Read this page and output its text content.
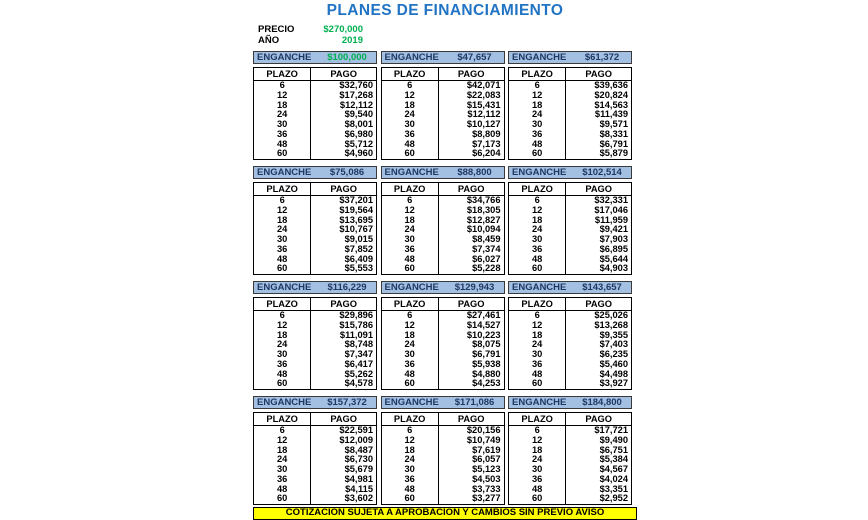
PLANES DE FINANCIAMIENTO
PRECIO	$270,000
AÑO	2019
ENGANCHE	$100,000
PLAZO	PAGO
6	$32,760
12	$17,268
18	$12,112
24	$9,540
30	$8,001
36	$6,980
48	$5,712
60	$4,960
ENGANCHE	$47,657
PLAZO	PAGO
6	$42,071
12	$22,083
18	$15,431
24	$12,112
30	$10,127
36	$8,809
48	$7,173
60	$6,204
ENGANCHE	$61,372
PLAZO	PAGO
6	$39,636
12	$20,824
18	$14,563
24	$11,439
30	$9,571
36	$8,331
48	$6,791
60	$5,879
ENGANCHE	$75,086
PLAZO	PAGO
6	$37,201
12	$19,564
18	$13,695
24	$10,767
30	$9,015
36	$7,852
48	$6,409
60	$5,553
ENGANCHE	$88,800
PLAZO	PAGO
6	$34,766
12	$18,305
18	$12,827
24	$10,094
30	$8,459
36	$7,374
48	$6,027
60	$5,228
ENGANCHE	$102,514
PLAZO	PAGO
6	$32,331
12	$17,046
18	$11,959
24	$9,421
30	$7,903
36	$6,895
48	$5,644
60	$4,903
ENGANCHE	$116,229
PLAZO	PAGO
6	$29,896
12	$15,786
18	$11,091
24	$8,748
30	$7,347
36	$6,417
48	$5,262
60	$4,578
ENGANCHE	$129,943
PLAZO	PAGO
6	$27,461
12	$14,527
18	$10,223
24	$8,075
30	$6,791
36	$5,938
48	$4,880
60	$4,253
ENGANCHE	$143,657
PLAZO	PAGO
6	$25,026
12	$13,268
18	$9,355
24	$7,403
30	$6,235
36	$5,460
48	$4,498
60	$3,927
ENGANCHE	$157,372
PLAZO	PAGO
6	$22,591
12	$12,009
18	$8,487
24	$6,730
30	$5,679
36	$4,981
48	$4,115
60	$3,602
ENGANCHE	$171,086
PLAZO	PAGO
6	$20,156
12	$10,749
18	$7,619
24	$6,057
30	$5,123
36	$4,503
48	$3,733
60	$3,277
ENGANCHE	$184,800
PLAZO	PAGO
6	$17,721
12	$9,490
18	$6,751
24	$5,384
30	$4,567
36	$4,024
48	$3,351
60	$2,952
COTIZACION SUJETA A APROBACION Y CAMBIOS SIN PREVIO AVISO
